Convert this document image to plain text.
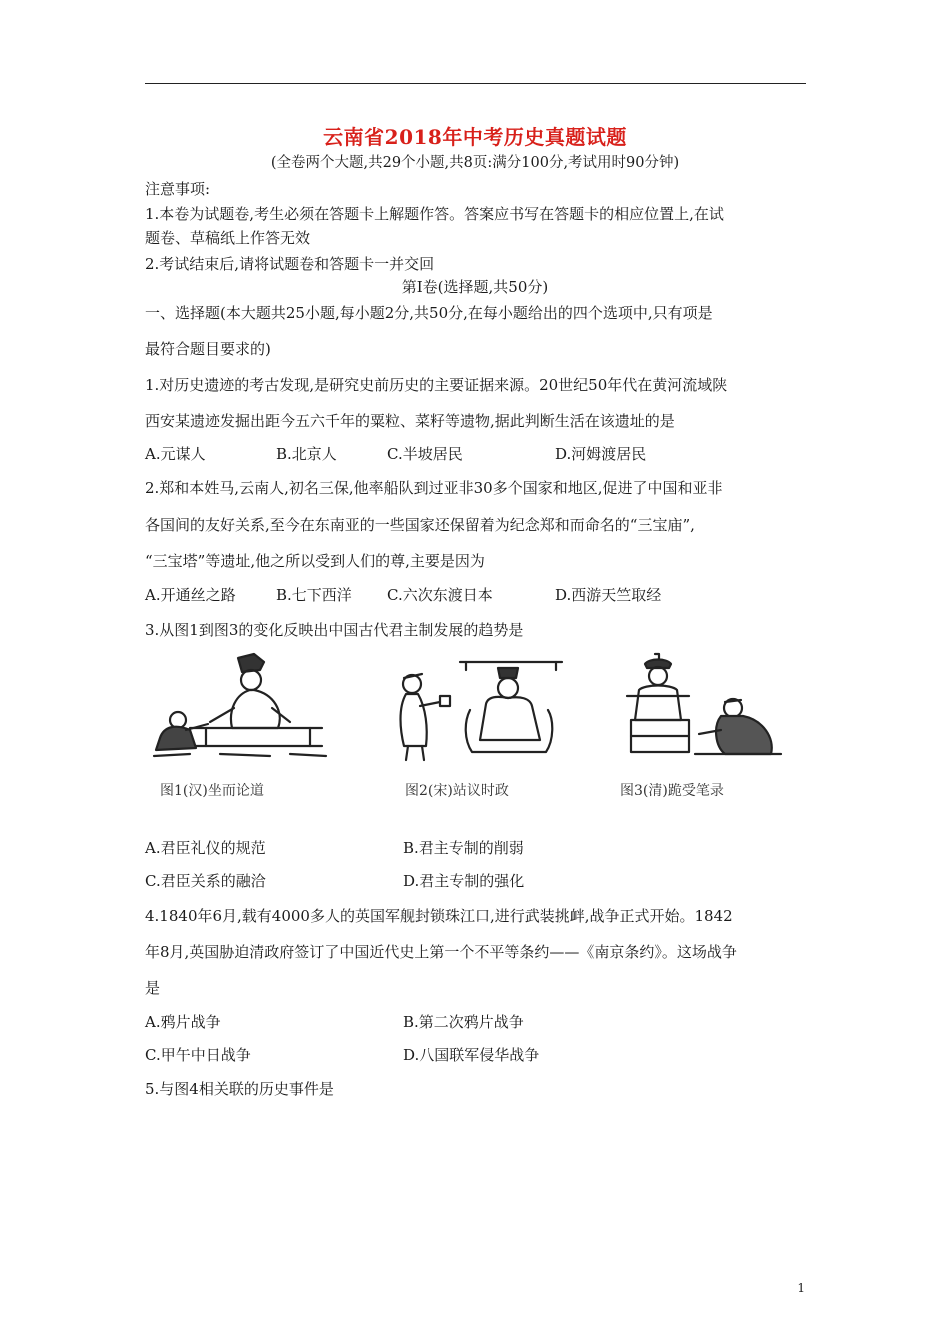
云南省2018年中考历史真题试题
(全卷两个大题,共29个小题,共8页:满分100分,考试用时90分钟)
注意事项:
1.本卷为试题卷,考生必须在答题卡上解题作答。答案应书写在答题卡的相应位置上,在试
题卷、草稿纸上作答无效
2.考试结束后,请将试题卷和答题卡一并交回
第Ⅰ卷(选择题,共50分)
一、选择题(本大题共25小题,每小题2分,共50分,在每小题给出的四个选项中,只有项是
最符合题目要求的)
1.对历史遗迹的考古发现,是研究史前历史的主要证据来源。20世纪50年代在黄河流域陕
西安某遗迹发掘出距今五六千年的粟粒、菜籽等遗物,据此判断生活在该遗址的是
A.元谋人	B.北京人	C.半坡居民	D.河姆渡居民
2.郑和本姓马,云南人,初名三保,他率船队到过亚非30多个国家和地区,促进了中国和亚非
各国间的友好关系,至今在东南亚的一些国家还保留着为纪念郑和而命名的“三宝庙”,
“三宝塔”等遗址,他之所以受到人们的尊,主要是因为
A.开通丝之路	B.七下西洋 C.六次东渡日本	D.西游天竺取经
3.从图1到图3的变化反映出中国古代君主制发展的趋势是
图1(汉)坐而论道	图2(宋)站议时政	图3(清)跪受笔录
A.君臣礼仪的规范	B.君主专制的削弱
C.君臣关系的融洽	D.君主专制的强化
4.1840年6月,载有4000多人的英国军舰封锁珠江口,进行武装挑衅,战争正式开始。1842
年8月,英国胁迫清政府签订了中国近代史上第一个不平等条约——《南京条约》。这场战争
是
A.鸦片战争	B.第二次鸦片战争
C.甲午中日战争	D.八国联军侵华战争
5.与图4相关联的历史事件是
1
